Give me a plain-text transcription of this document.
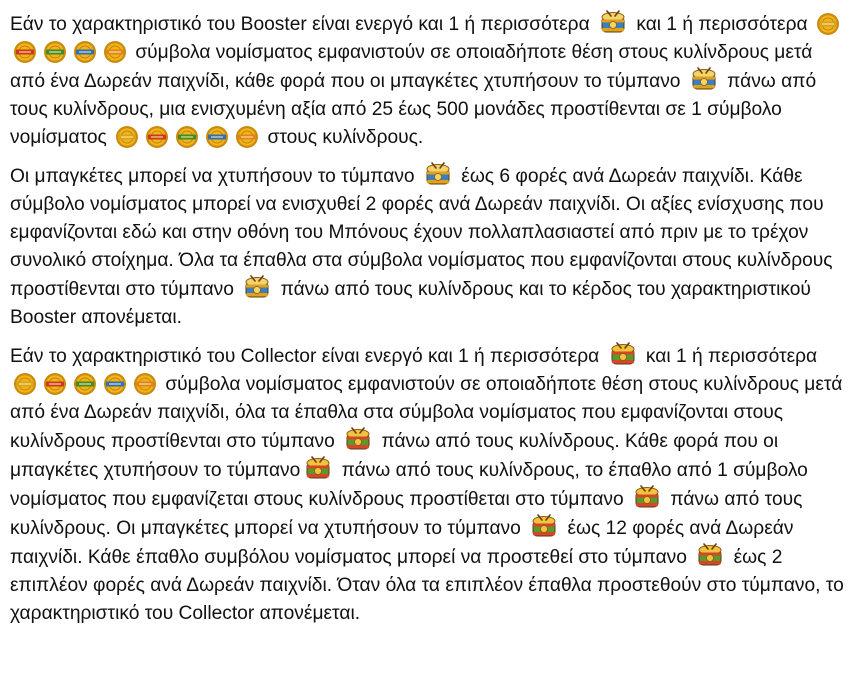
Εάν το χαρακτηριστικό του Booster είναι ενεργό και 1 ή περισσότερα
και 1 ή περισσότερα
σύμβολα νομίσματος εμφανιστούν σε οποιαδήποτε θέση στους κυλίνδρους μετά από ένα Δωρεάν παιχνίδι, κάθε φορά που οι μπαγκέτες χτυπήσουν το τύμπανο
πάνω από τους κυλίνδρους, μια ενισχυμένη αξία από 25 έως 500 μονάδες προστίθενται σε 1 σύμβολο νομίσματος	στους κυλίνδρους.

Οι μπαγκέτες μπορεί να χτυπήσουν το τύμπανο
έως 6 φορές ανά Δωρεάν παιχνίδι. Κάθε σύμβολο νομίσματος μπορεί να ενισχυθεί 2 φορές ανά Δωρεάν παιχνίδι. Οι αξίες ενίσχυσης που εμφανίζονται εδώ και στην οθόνη του Μπόνους έχουν πολλαπλασιαστεί από πριν με το τρέχον συνολικό στοίχημα. Όλα τα έπαθλα στα σύμβολα νομίσματος που εμφανίζονται στους κυλίνδρους προστίθενται στο τύμπανο
πάνω από τους κυλίνδρους και το κέρδος του χαρακτηριστικού Booster απονέμεται.

Εάν το χαρακτηριστικό του Collector είναι ενεργό και 1 ή περισσότερα
και 1 ή περισσότερα
σύμβολα νομίσματος εμφανιστούν σε οποιαδήποτε θέση στους κυλίνδρους μετά από ένα Δωρεάν παιχνίδι, όλα τα έπαθλα στα σύμβολα νομίσματος που εμφανίζονται στους κυλίνδρους προστίθενται στο τύμπανο
πάνω από τους κυλίνδρους. Κάθε φορά που οι μπαγκέτες χτυπήσουν το τύμπανο
πάνω από τους κυλίνδρους, το έπαθλο από 1 σύμβολο νομίσματος που εμφανίζεται στους κυλίνδρους προστίθεται στο τύμπανο
πάνω από τους κυλίνδρους. Οι μπαγκέτες μπορεί να χτυπήσουν το τύμπανο
έως 12 φορές ανά Δωρεάν παιχνίδι. Κάθε έπαθλο συμβόλου νομίσματος μπορεί να προστεθεί στο τύμπανο
έως 2 επιπλέον φορές ανά Δωρεάν παιχνίδι. Όταν όλα τα επιπλέον έπαθλα προστεθούν στο τύμπανο, το χαρακτηριστικό του Collector απονέμεται.
